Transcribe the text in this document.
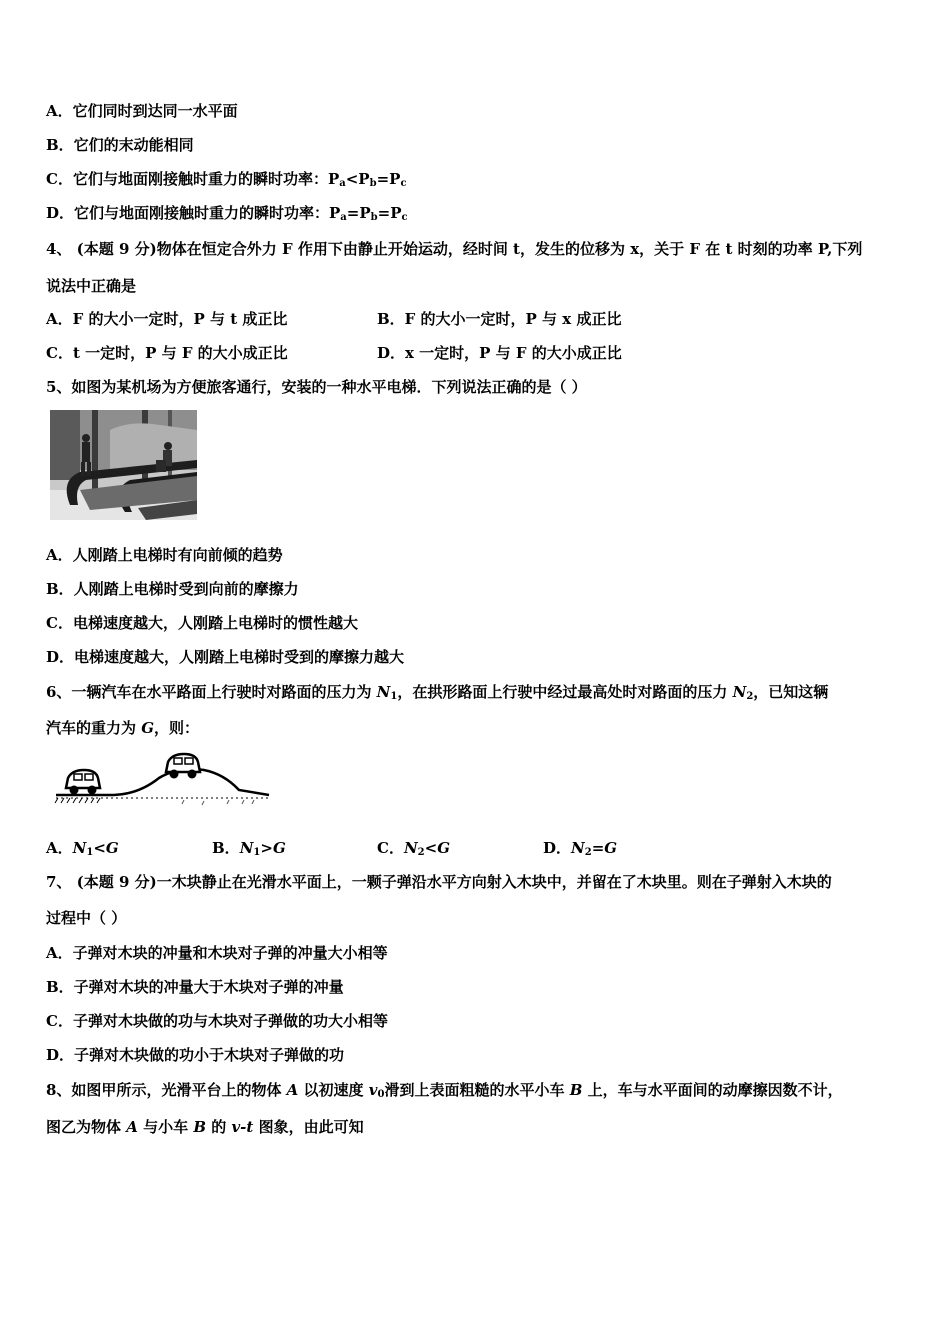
A．它们同时到达同一水平面
B．它们的末动能相同
C．它们与地面刚接触时重力的瞬时功率：$P_a<P_b=P_c$
D．它们与地面刚接触时重力的瞬时功率：$P_a=P_b=P_c$
4、 (本题 9 分)物体在恒定合外力 F 作用下由静止开始运动，经时间 t，发生的位移为 x，关于 F 在 t 时刻的功率 P,下列
说法中正确是
A．F 的大小一定时，P 与 t 成正比	B．F 的大小一定时，P 与 x 成正比
C．t 一定时，P 与 F 的大小成正比	D．x 一定时，P 与 F 的大小成正比
5、如图为某机场为方便旅客通行，安装的一种水平电梯．下列说法正确的是（ ）
A．人刚踏上电梯时有向前倾的趋势
B．人刚踏上电梯时受到向前的摩擦力
C．电梯速度越大，人刚踏上电梯时的惯性越大
D．电梯速度越大，人刚踏上电梯时受到的摩擦力越大
6、一辆汽车在水平路面上行驶时对路面的压力为 $N_1$，在拱形路面上行驶中经过最高处时对路面的压力 $N_2$，已知这辆
汽车的重力为 G，则：
A．$N_1<G$	B．$N_1>G$	C．$N_2<G$	D．$N_2=G$
7、 (本题 9 分)一木块静止在光滑水平面上，一颗子弹沿水平方向射入木块中，并留在了木块里。则在子弹射入木块的
过程中（ ）
A．子弹对木块的冲量和木块对子弹的冲量大小相等
B．子弹对木块的冲量大于木块对子弹的冲量
C．子弹对木块做的功与木块对子弹做的功大小相等
D．子弹对木块做的功小于木块对子弹做的功
8、如图甲所示，光滑平台上的物体 A 以初速度 $v_0$滑到上表面粗糙的水平小车 B 上，车与水平面间的动摩擦因数不计，
图乙为物体 A 与小车 B 的 v-t 图象，由此可知
